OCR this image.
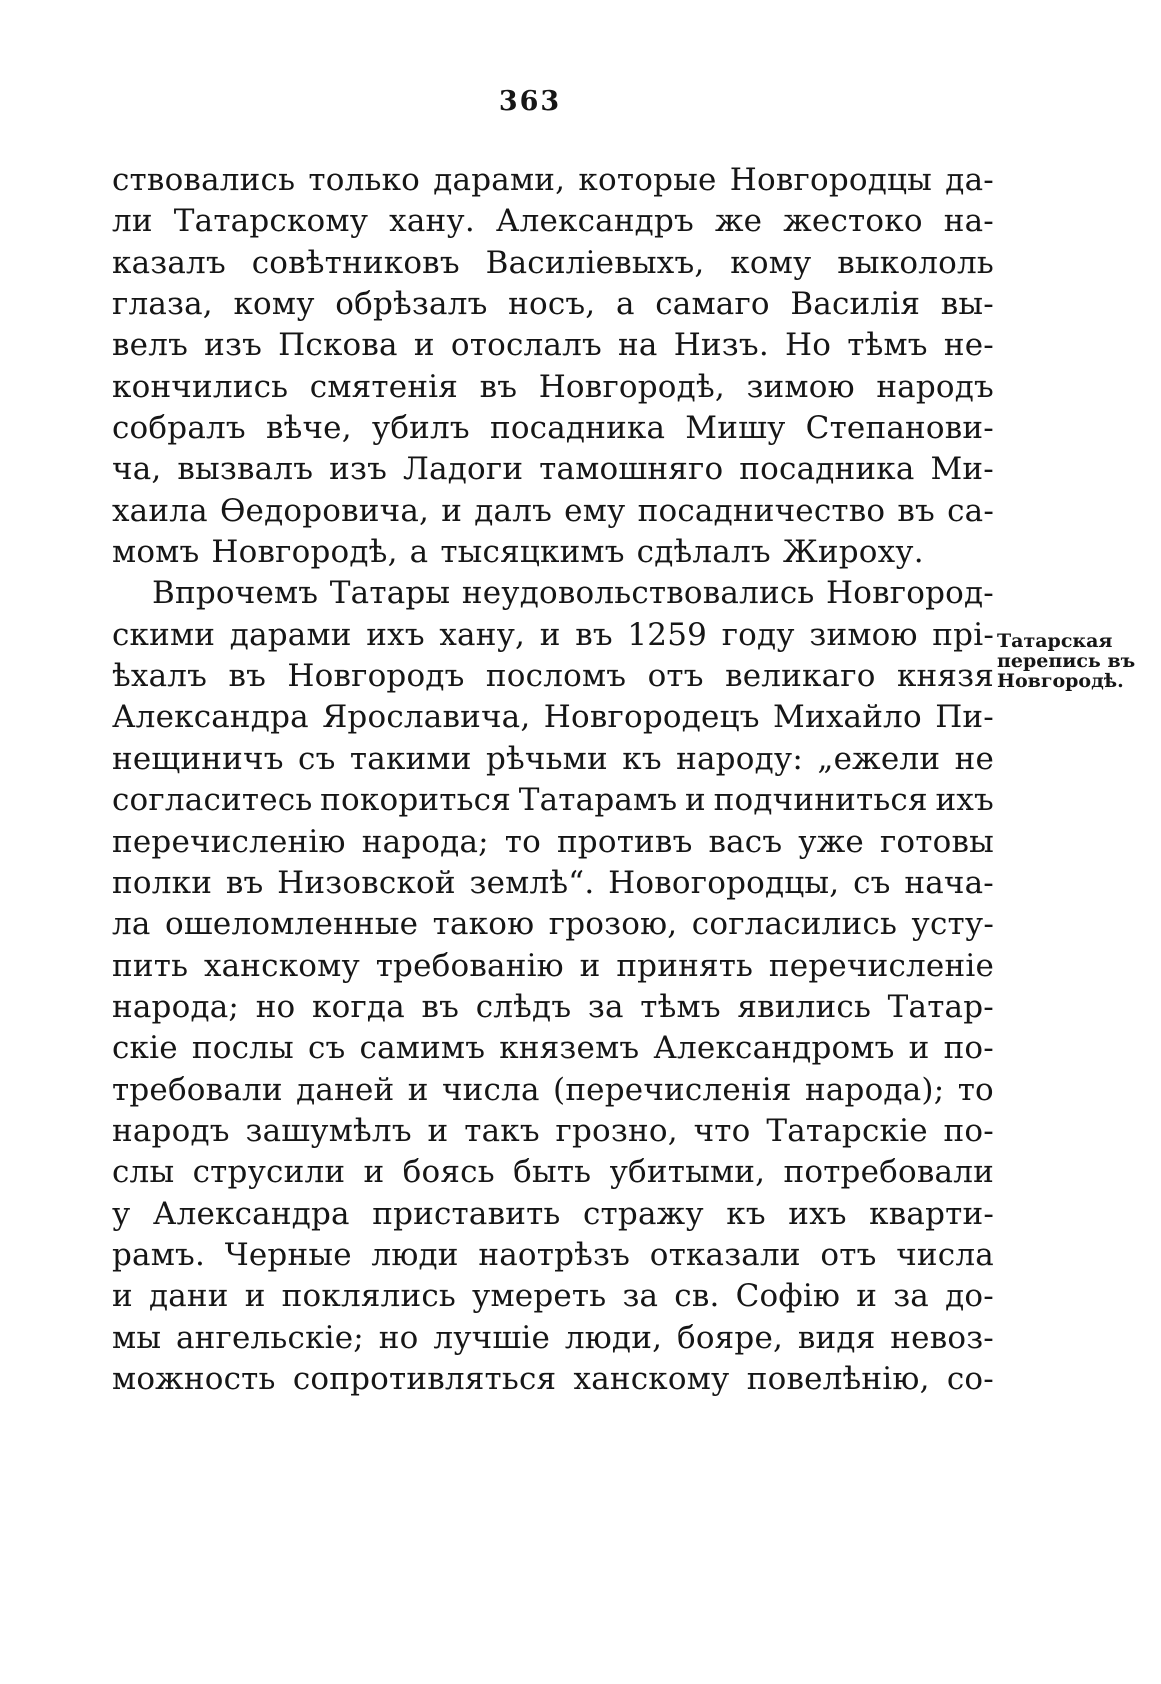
363
ствовались только дарами, которые Новгородцы да-
ли Татарскому хану. Александръ же жестоко на-
казалъ совѣтниковъ Василіевыхъ, кому выкололь
глаза, кому обрѣзалъ носъ, а самаго Василія вы-
велъ изъ Пскова и отослалъ на Низъ. Но тѣмъ не-
кончились смятенія въ Новгородѣ, зимою народъ
собралъ вѣче, убилъ посадника Мишу Степанови-
ча, вызвалъ изъ Ладоги тамошняго посадника Ми-
хаила Ѳедоровича, и далъ ему посадничество въ са-
момъ Новгородѣ, а тысяцкимъ сдѣлалъ Жироху.
Впрочемъ Татары неудовольствовались Новгород-
скими дарами ихъ хану, и въ 1259 году зимою прі-
ѣхалъ въ Новгородъ посломъ отъ великаго князя
Александра Ярославича, Новгородецъ Михайло Пи-
нещиничъ съ такими рѣчьми къ народу: „ежели не
согласитесь покориться Татарамъ и подчиниться ихъ
перечисленію народа; то противъ васъ уже готовы
полки въ Низовской землѣ“. Новогородцы, съ нача-
ла ошеломленные такою грозою, согласились усту-
пить ханскому требованію и принять перечисленіе
народа; но когда въ слѣдъ за тѣмъ явились Татар-
скіе послы съ самимъ княземъ Александромъ и по-
требовали даней и числа (перечисленія народа); то
народъ зашумѣлъ и такъ грозно, что Татарскіе по-
слы струсили и боясь быть убитыми, потребовали
у Александра приставить стражу къ ихъ кварти-
рамъ. Черные люди наотрѣзъ отказали отъ числа
и дани и поклялись умереть за св. Софію и за до-
мы ангельскіе; но лучшіе люди, бояре, видя невоз-
можность сопротивляться ханскому повелѣнію, со-
Татарская
перепись въ
Новгородѣ.
